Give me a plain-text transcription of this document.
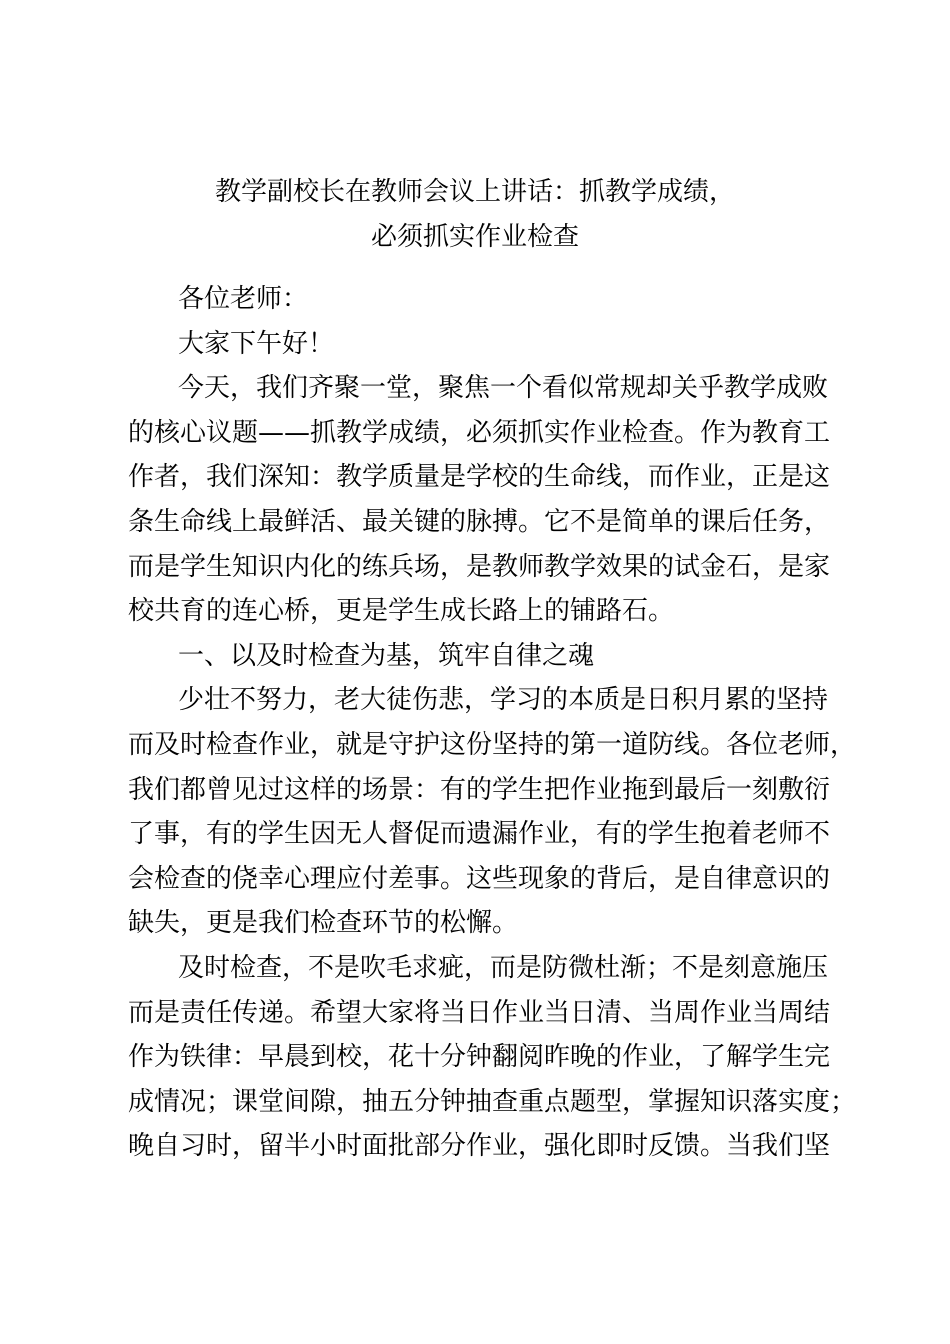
教学副校长在教师会议上讲话：抓教学成绩，
必须抓实作业检查
各位老师：
大家下午好！
今天，我们齐聚一堂，聚焦一个看似常规却关乎教学成败
的核心议题——抓教学成绩，必须抓实作业检查。作为教育工
作者，我们深知：教学质量是学校的生命线，而作业，正是这
条生命线上最鲜活、最关键的脉搏。它不是简单的课后任务，
而是学生知识内化的练兵场，是教师教学效果的试金石，是家
校共育的连心桥，更是学生成长路上的铺路石。
一、以及时检查为基，筑牢自律之魂
少壮不努力，老大徒伤悲，学习的本质是日积月累的坚持
而及时检查作业，就是守护这份坚持的第一道防线。各位老师，
我们都曾见过这样的场景：有的学生把作业拖到最后一刻敷衍
了事，有的学生因无人督促而遗漏作业，有的学生抱着老师不
会检查的侥幸心理应付差事。这些现象的背后，是自律意识的
缺失，更是我们检查环节的松懈。
及时检查，不是吹毛求疵，而是防微杜渐；不是刻意施压
而是责任传递。希望大家将当日作业当日清、当周作业当周结
作为铁律：早晨到校，花十分钟翻阅昨晚的作业，了解学生完
成情况；课堂间隙，抽五分钟抽查重点题型，掌握知识落实度；
晚自习时，留半小时面批部分作业，强化即时反馈。当我们坚
